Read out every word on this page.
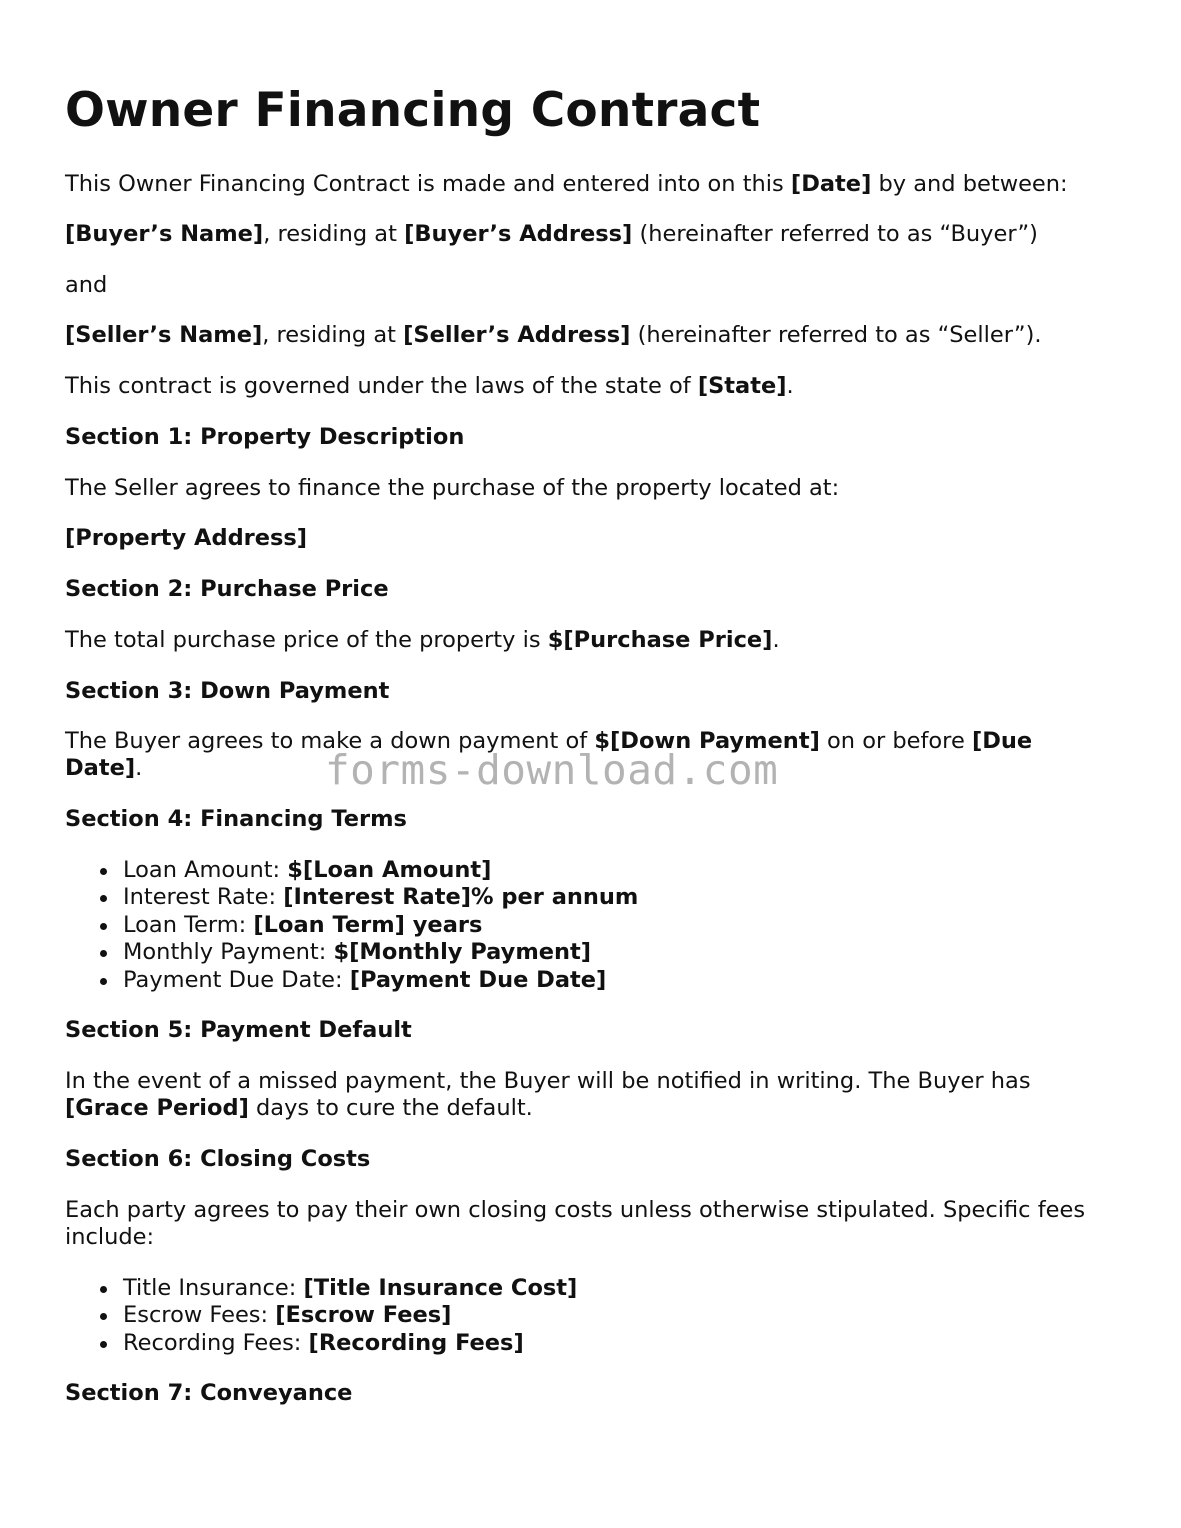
Owner Financing Contract

This Owner Financing Contract is made and entered into on this [Date] by and between:

[Buyer’s Name], residing at [Buyer’s Address] (hereinafter referred to as “Buyer”)

and

[Seller’s Name], residing at [Seller’s Address] (hereinafter referred to as “Seller”).

This contract is governed under the laws of the state of [State].

Section 1: Property Description

The Seller agrees to finance the purchase of the property located at:

[Property Address]

Section 2: Purchase Price

The total purchase price of the property is $[Purchase Price].

Section 3: Down Payment

The Buyer agrees to make a down payment of $[Down Payment] on or before [Due Date].

Section 4: Financing Terms

Loan Amount: $[Loan Amount]
Interest Rate: [Interest Rate]% per annum
Loan Term: [Loan Term] years
Monthly Payment: $[Monthly Payment]
Payment Due Date: [Payment Due Date]

Section 5: Payment Default

In the event of a missed payment, the Buyer will be notified in writing. The Buyer has [Grace Period] days to cure the default.

Section 6: Closing Costs

Each party agrees to pay their own closing costs unless otherwise stipulated. Specific fees include:

Title Insurance: [Title Insurance Cost]
Escrow Fees: [Escrow Fees]
Recording Fees: [Recording Fees]

Section 7: Conveyance

forms-download.com
